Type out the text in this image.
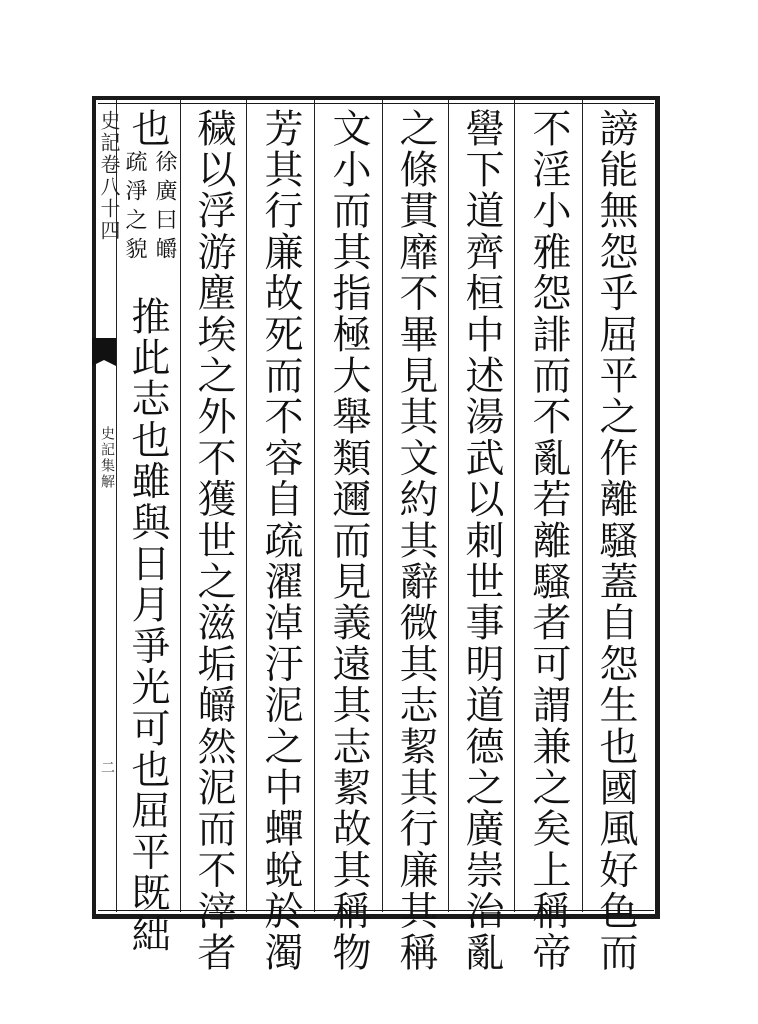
史記卷八十四
史記集解
二	謗能無怨乎屈平之作離騷蓋自怨生也國風好色而
不淫小雅怨誹而不亂若離騷者可謂兼之矣上稱帝
嚳下道齊桓中述湯武以刺世事明道德之廣崇治亂
之條貫靡不畢見其文約其辭微其志絜其行廉其稱
文小而其指極大舉類邇而見義遠其志絜故其稱物
芳其行廉故死而不容自疏濯淖汙泥之中蟬蛻於濁
穢以浮游塵埃之外不獲世之滋垢皭然泥而不滓者
也
徐廣曰皭
疏淨之貌
推此志也雖與日月爭光可也屈平既絀
